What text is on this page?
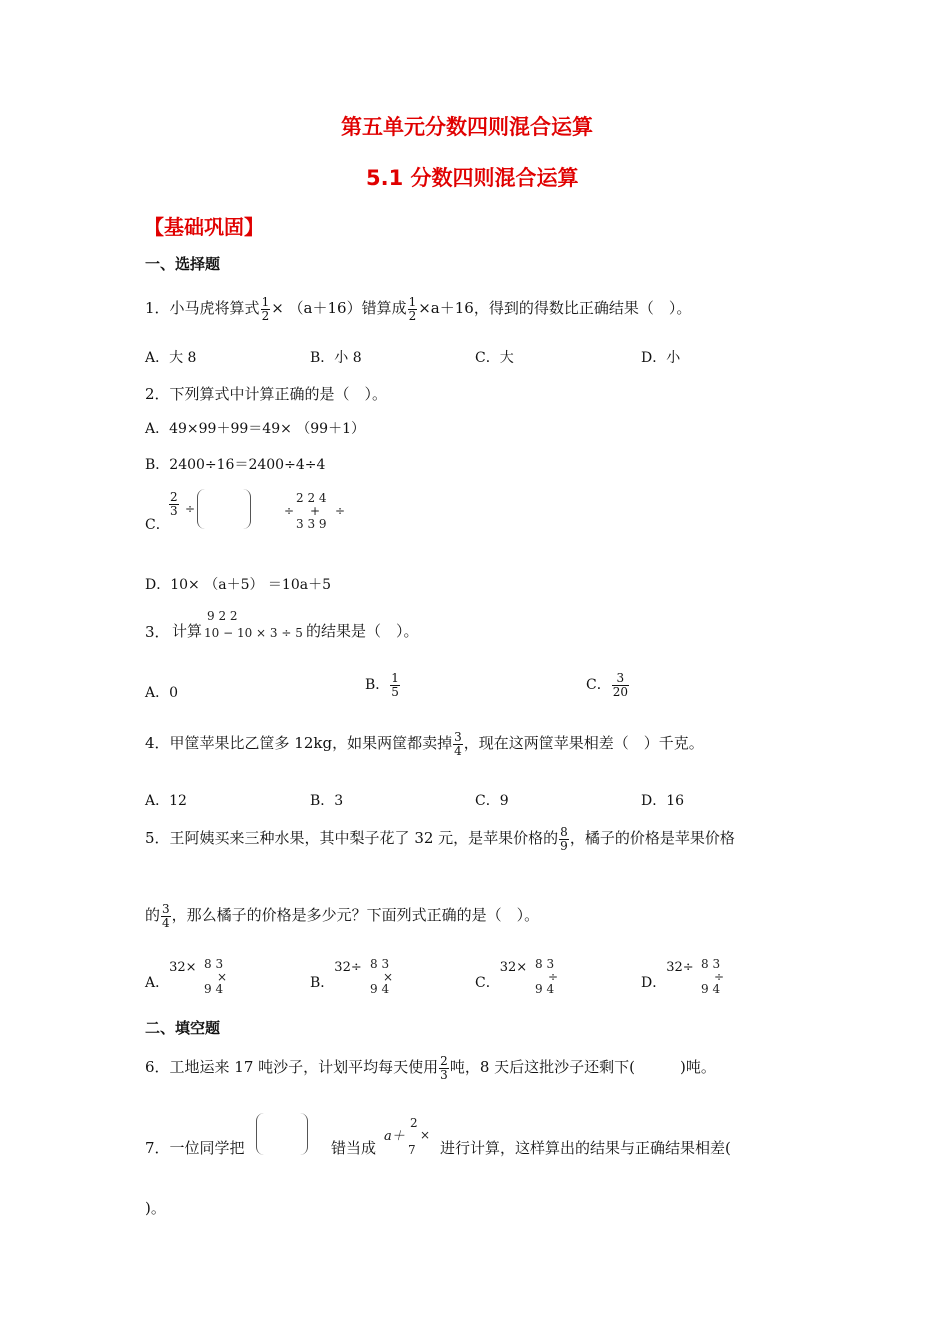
第五单元分数四则混合运算
5.1 分数四则混合运算
【基础巩固】
一、选择题
1．小马虎将算式 $\frac{1}{2} \times (a+16)$错算成 $\frac{1}{2} \times a+16$，得到的得数比正确结果（　）。
A．大 8	B．小 8	C．大	D．小
2．下列算式中计算正确的是（　）。
A．49×99＋99＝49× （99＋1）
B．2400÷16＝2400÷4÷4
C．
$\frac{2}{3}$ ÷
2 2 4
3 3 9
÷ + ÷
D．10× （a＋5） ＝10a＋5
3． 计算
9 2 2
10 − 10 × 3 ÷ 5 的结果是（　）。
A．0	B． $\frac{1}{5}$	C． $\frac{3}{20}$
4．甲筐苹果比乙筐多 12kg，如果两筐都卖掉 $\frac{3}{4}$ ，现在这两筐苹果相差（　）千克。
A．12	B．3	C．9	D．16
5．王阿姨买来三种水果，其中梨子花了 32 元，是苹果价格的 $\frac{8}{9}$ ，橘子的价格是苹果价格
的 $\frac{3}{4}$ ，那么橘子的价格是多少元？下面列式正确的是（　）。
A．32× 8 3
9 4
×	B．32÷ 8 3
9 4
×	C．32× 8 3
9 4
÷	D．32÷ 8 3
9 4
÷
二、填空题
6．工地运来 17 吨沙子，计划平均每天使用 $\frac{2}{3}$ 吨，8 天后这批沙子还剩下(　　　)吨。
7．一位同学把	错当成
a＋
2
7
×
进行计算，这样算出的结果与正确结果相差(
)。
